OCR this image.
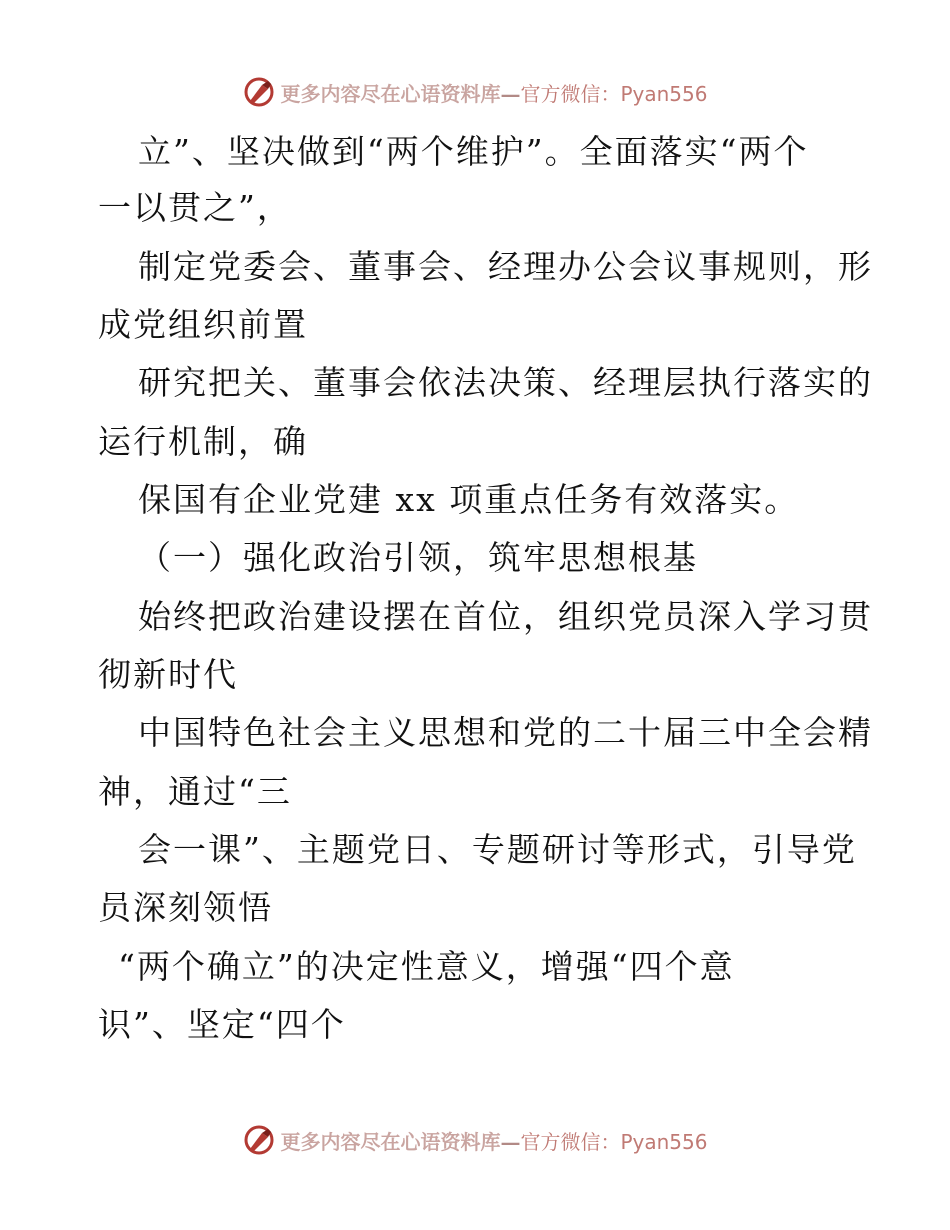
更多内容尽在心语资料库—官方微信：Pyan556
立”、坚决做到“两个维护”。全面落实“两个
一以贯之”，
制定党委会、董事会、经理办公会议事规则，形
成党组织前置
研究把关、董事会依法决策、经理层执行落实的
运行机制，确
保国有企业党建 xx 项重点任务有效落实。
（一）强化政治引领，筑牢思想根基
始终把政治建设摆在首位，组织党员深入学习贯
彻新时代
中国特色社会主义思想和党的二十届三中全会精
神，通过“三
会一课”、主题党日、专题研讨等形式，引导党
员深刻领悟
“两个确立”的决定性意义，增强“四个意
识”、坚定“四个
更多内容尽在心语资料库—官方微信：Pyan556
